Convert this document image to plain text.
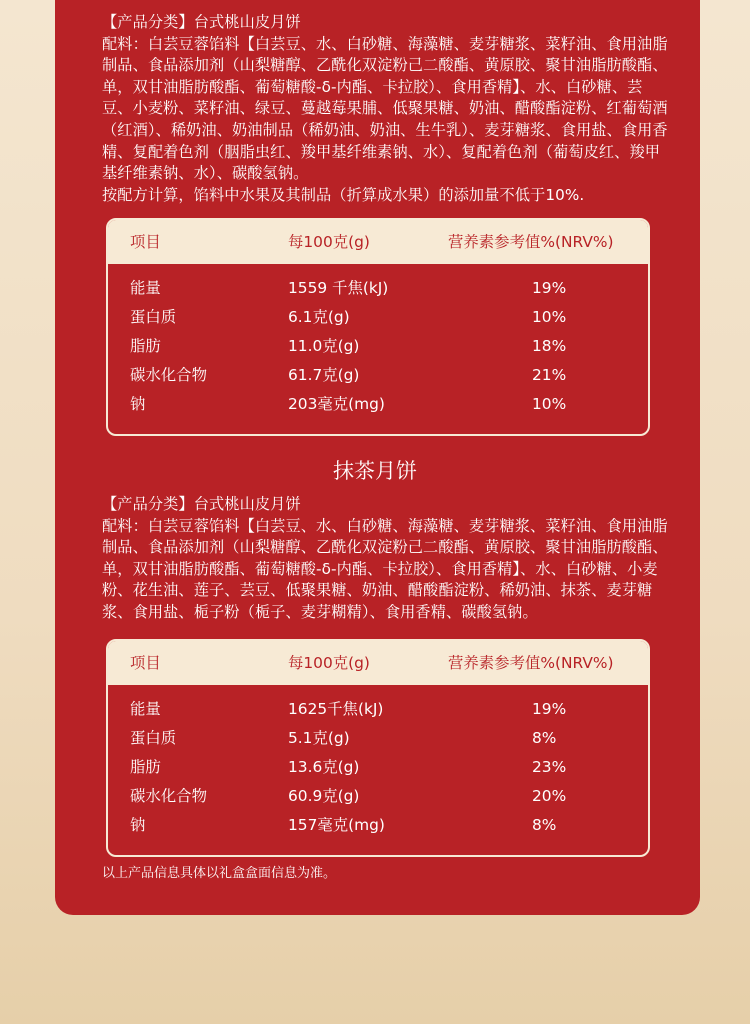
【产品分类】台式桃山皮月饼

配料：白芸豆蓉馅料【白芸豆、水、白砂糖、海藻糖、麦芽糖浆、菜籽油、食用油脂制品、食品添加剂（山梨糖醇、乙酰化双淀粉己二酸酯、黄原胶、聚甘油脂肪酸酯、单，双甘油脂肪酸酯、葡萄糖酸-δ-内酯、卡拉胶）、食用香精】、水、白砂糖、芸豆、小麦粉、菜籽油、绿豆、蔓越莓果脯、低聚果糖、奶油、醋酸酯淀粉、红葡萄酒（红酒）、稀奶油、奶油制品（稀奶油、奶油、生牛乳）、麦芽糖浆、食用盐、食用香精、复配着色剂（胭脂虫红、羧甲基纤维素钠、水）、复配着色剂（葡萄皮红、羧甲基纤维素钠、水）、碳酸氢钠。

按配方计算，馅料中水果及其制品（折算成水果）的添加量不低于10%.

项目	每100克(g)	营养素参考值%(NRV%)
能量	1559 千焦(kJ)	19%
蛋白质	6.1克(g)	10%
脂肪	11.0克(g)	18%
碳水化合物	61.7克(g)	21%
钠	203毫克(mg)	10%
抹茶月饼

【产品分类】台式桃山皮月饼

配料：白芸豆蓉馅料【白芸豆、水、白砂糖、海藻糖、麦芽糖浆、菜籽油、食用油脂制品、食品添加剂（山梨糖醇、乙酰化双淀粉己二酸酯、黄原胶、聚甘油脂肪酸酯、单，双甘油脂肪酸酯、葡萄糖酸-δ-内酯、卡拉胶）、食用香精】、水、白砂糖、小麦粉、花生油、莲子、芸豆、低聚果糖、奶油、醋酸酯淀粉、稀奶油、抹茶、麦芽糖浆、食用盐、栀子粉（栀子、麦芽糊精）、食用香精、碳酸氢钠。

项目	每100克(g)	营养素参考值%(NRV%)
能量	1625千焦(kJ)	19%
蛋白质	5.1克(g)	8%
脂肪	13.6克(g)	23%
碳水化合物	60.9克(g)	20%
钠	157毫克(mg)	8%
以上产品信息具体以礼盒盒面信息为准。
